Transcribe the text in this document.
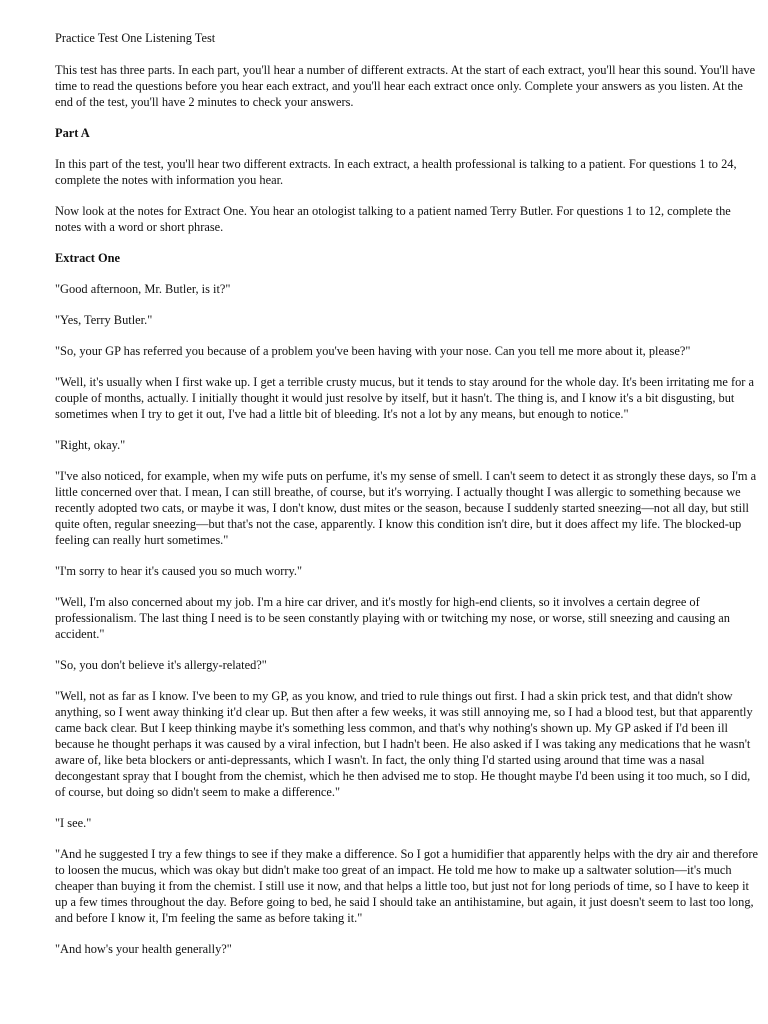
Practice Test One Listening Test

This test has three parts. In each part, you'll hear a number of different extracts. At the start of each extract, you'll hear this sound. You'll have time to read the questions before you hear each extract, and you'll hear each extract once only. Complete your answers as you listen. At the end of the test, you'll have 2 minutes to check your answers.

Part A

In this part of the test, you'll hear two different extracts. In each extract, a health professional is talking to a patient. For questions 1 to 24, complete the notes with information you hear.

Now look at the notes for Extract One. You hear an otologist talking to a patient named Terry Butler. For questions 1 to 12, complete the notes with a word or short phrase.

Extract One

"Good afternoon, Mr. Butler, is it?"

"Yes, Terry Butler."

"So, your GP has referred you because of a problem you've been having with your nose. Can you tell me more about it, please?"

"Well, it's usually when I first wake up. I get a terrible crusty mucus, but it tends to stay around for the whole day. It's been irritating me for a couple of months, actually. I initially thought it would just resolve by itself, but it hasn't. The thing is, and I know it's a bit disgusting, but sometimes when I try to get it out, I've had a little bit of bleeding. It's not a lot by any means, but enough to notice."

"Right, okay."

"I've also noticed, for example, when my wife puts on perfume, it's my sense of smell. I can't seem to detect it as strongly these days, so I'm a little concerned over that. I mean, I can still breathe, of course, but it's worrying. I actually thought I was allergic to something because we recently adopted two cats, or maybe it was, I don't know, dust mites or the season, because I suddenly started sneezing—not all day, but still quite often, regular sneezing—but that's not the case, apparently. I know this condition isn't dire, but it does affect my life. The blocked-up feeling can really hurt sometimes."

"I'm sorry to hear it's caused you so much worry."

"Well, I'm also concerned about my job. I'm a hire car driver, and it's mostly for high-end clients, so it involves a certain degree of professionalism. The last thing I need is to be seen constantly playing with or twitching my nose, or worse, still sneezing and causing an accident."

"So, you don't believe it's allergy-related?"

"Well, not as far as I know. I've been to my GP, as you know, and tried to rule things out first. I had a skin prick test, and that didn't show anything, so I went away thinking it'd clear up. But then after a few weeks, it was still annoying me, so I had a blood test, but that apparently came back clear. But I keep thinking maybe it's something less common, and that's why nothing's shown up. My GP asked if I'd been ill because he thought perhaps it was caused by a viral infection, but I hadn't been. He also asked if I was taking any medications that he wasn't aware of, like beta blockers or anti-depressants, which I wasn't. In fact, the only thing I'd started using around that time was a nasal decongestant spray that I bought from the chemist, which he then advised me to stop. He thought maybe I'd been using it too much, so I did, of course, but doing so didn't seem to make a difference."

"I see."

"And he suggested I try a few things to see if they make a difference. So I got a humidifier that apparently helps with the dry air and therefore to loosen the mucus, which was okay but didn't make too great of an impact. He told me how to make up a saltwater solution—it's much cheaper than buying it from the chemist. I still use it now, and that helps a little too, but just not for long periods of time, so I have to keep it up a few times throughout the day. Before going to bed, he said I should take an antihistamine, but again, it just doesn't seem to last too long, and before I know it, I'm feeling the same as before taking it."

"And how's your health generally?"
